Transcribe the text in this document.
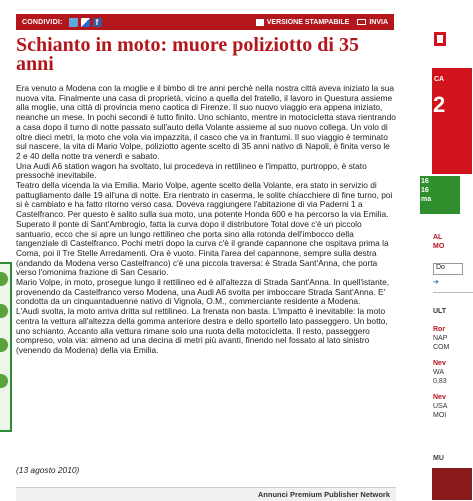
CONDIVIDI:	f	VERSIONE STAMPABILE	INVIA
Schianto in moto: muore poliziotto di 35 anni

Era venuto a Modena con la moglie e il bimbo di tre anni perchè nella nostra città aveva iniziato la sua nuova vita. Finalmente una casa di proprietà, vicino a quella del fratello, il lavoro in Questura assieme alla moglie, una città di provincia meno caotica di Firenze. Il suo nuovo viaggio era appena iniziato, neanche un mese. In pochi secondi è tutto finito. Uno schianto, mentre in motocicletta stava rientrando a casa dopo il turno di notte passato sull'auto della Volante assieme al suo nuovo collega. Un volo di oltre dieci metri, la moto che vola via impazzita, il casco che va in frantumi. Il suo viaggio è terminato sul nascere, la vita di Mario Volpe, poliziotto agente scelto di 35 anni nativo di Napoli, è finita verso le 2 e 40 della notte tra venerdì e sabato.

Una Audi A6 station wagon ha svoltato, lui procedeva in rettilineo e l'impatto, purtroppo, è stato pressochè inevitabile.

Teatro della vicenda la via Emilia. Mario Volpe, agente scelto della Volante, era stato in servizio di pattugliamento dalle 19 all'una di notte. Era rientrato in caserma, le solite chiacchiere di fine turno, poi si è cambiato e ha fatto ritorno verso casa. Doveva raggiungere l'abitazione di via Paderni 1 a Castelfranco. Per questo è salito sulla sua moto, una potente Honda 600 e ha percorso la via Emilia. Superato il ponte di Sant'Ambrogio, fatta la curva dopo il distributore Total dove c'è un piccolo santuario, ecco che si apre un lungo rettilineo che porta sino alla rotonda dell'imbocco della tangenziale di Castelfranco. Pochi metri dopo la curva c'è il grande capannone che ospitava prima la Coma, poi il Tre Stelle Arredamenti. Ora è vuoto. Finita l'area del capannone, sempre sulla destra (andando da Modena verso Castelfranco) c'è una piccola traversa: è Strada Sant'Anna, che porta verso l'omonima frazione di San Cesario.

Mario Volpe, in moto, prosegue lungo il rettilineo ed è all'altezza di Strada Sant'Anna. In quell'istante, provenendo da Castelfranco verso Modena, una Audi A6 svolta per imboccare Strada Sant'Anna. E' condotta da un cinquantaduenne nativo di Vignola, O.M., commerciante residente a Modena.

L'Audi svolta, la moto arriva dritta sul rettilineo. La frenata non basta. L'impatto è inevitabile: la moto centra la vettura all'altezza della gomma anteriore destra e dello sportello lato passeggero. Un botto, uno schianto. Accanto alla vettura rimane solo una ruota della motocicletta. Il resto, passeggero compreso, vola via: almeno ad una decina di metri più avanti, finendo nel fossato al lato sinistro (venendo da Modena) della via Emilia.

(13 agosto 2010)

Annunci Premium Publisher Network
CA
2
16
16
ma
AL
MO
Do
➔
ULT
Ror
NAP
COM
Nev
WA
0,83
Nev
USA
MOI
MU
